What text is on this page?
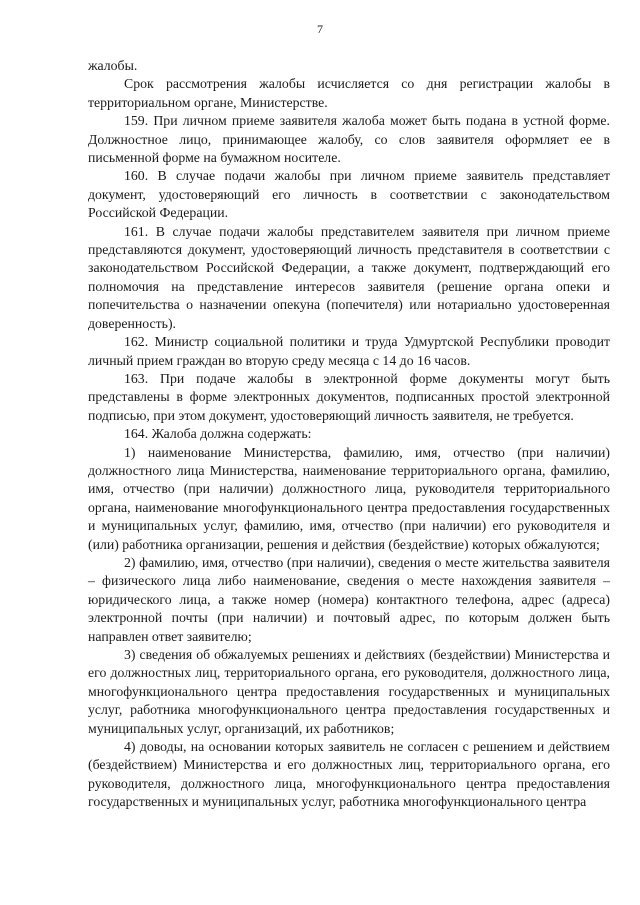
7

жалобы.

Срок рассмотрения жалобы исчисляется со дня регистрации жалобы в территориальном органе, Министерстве.

159. При личном приеме заявителя жалоба может быть подана в устной форме. Должностное лицо, принимающее жалобу, со слов заявителя оформляет ее в письменной форме на бумажном носителе.

160. В случае подачи жалобы при личном приеме заявитель представляет документ, удостоверяющий его личность в соответствии с законодательством Российской Федерации.

161. В случае подачи жалобы представителем заявителя при личном приеме представляются документ, удостоверяющий личность представителя в соответствии с законодательством Российской Федерации, а также документ, подтверждающий его полномочия на представление интересов заявителя (решение органа опеки и попечительства о назначении опекуна (попечителя) или нотариально удостоверенная доверенность).

162. Министр социальной политики и труда Удмуртской Республики проводит личный прием граждан во вторую среду месяца с 14 до 16 часов.

163. При подаче жалобы в электронной форме документы могут быть представлены в форме электронных документов, подписанных простой электронной подписью, при этом документ, удостоверяющий личность заявителя, не требуется.

164. Жалоба должна содержать:

1) наименование Министерства, фамилию, имя, отчество (при наличии) должностного лица Министерства, наименование территориального органа, фамилию, имя, отчество (при наличии) должностного лица, руководителя территориального органа, наименование многофункционального центра предоставления государственных и муниципальных услуг, фамилию, имя, отчество (при наличии) его руководителя и (или) работника организации, решения и действия (бездействие) которых обжалуются;

2) фамилию, имя, отчество (при наличии), сведения о месте жительства заявителя – физического лица либо наименование, сведения о месте нахождения заявителя – юридического лица, а также номер (номера) контактного телефона, адрес (адреса) электронной почты (при наличии) и почтовый адрес, по которым должен быть направлен ответ заявителю;

3) сведения об обжалуемых решениях и действиях (бездействии) Министерства и его должностных лиц, территориального органа, его руководителя, должностного лица, многофункционального центра предоставления государственных и муниципальных услуг, работника многофункционального центра предоставления государственных и муниципальных услуг, организаций, их работников;

4) доводы, на основании которых заявитель не согласен с решением и действием (бездействием) Министерства и его должностных лиц, территориального органа, его руководителя, должностного лица, многофункционального центра предоставления государственных и муниципальных услуг, работника многофункционального центра
